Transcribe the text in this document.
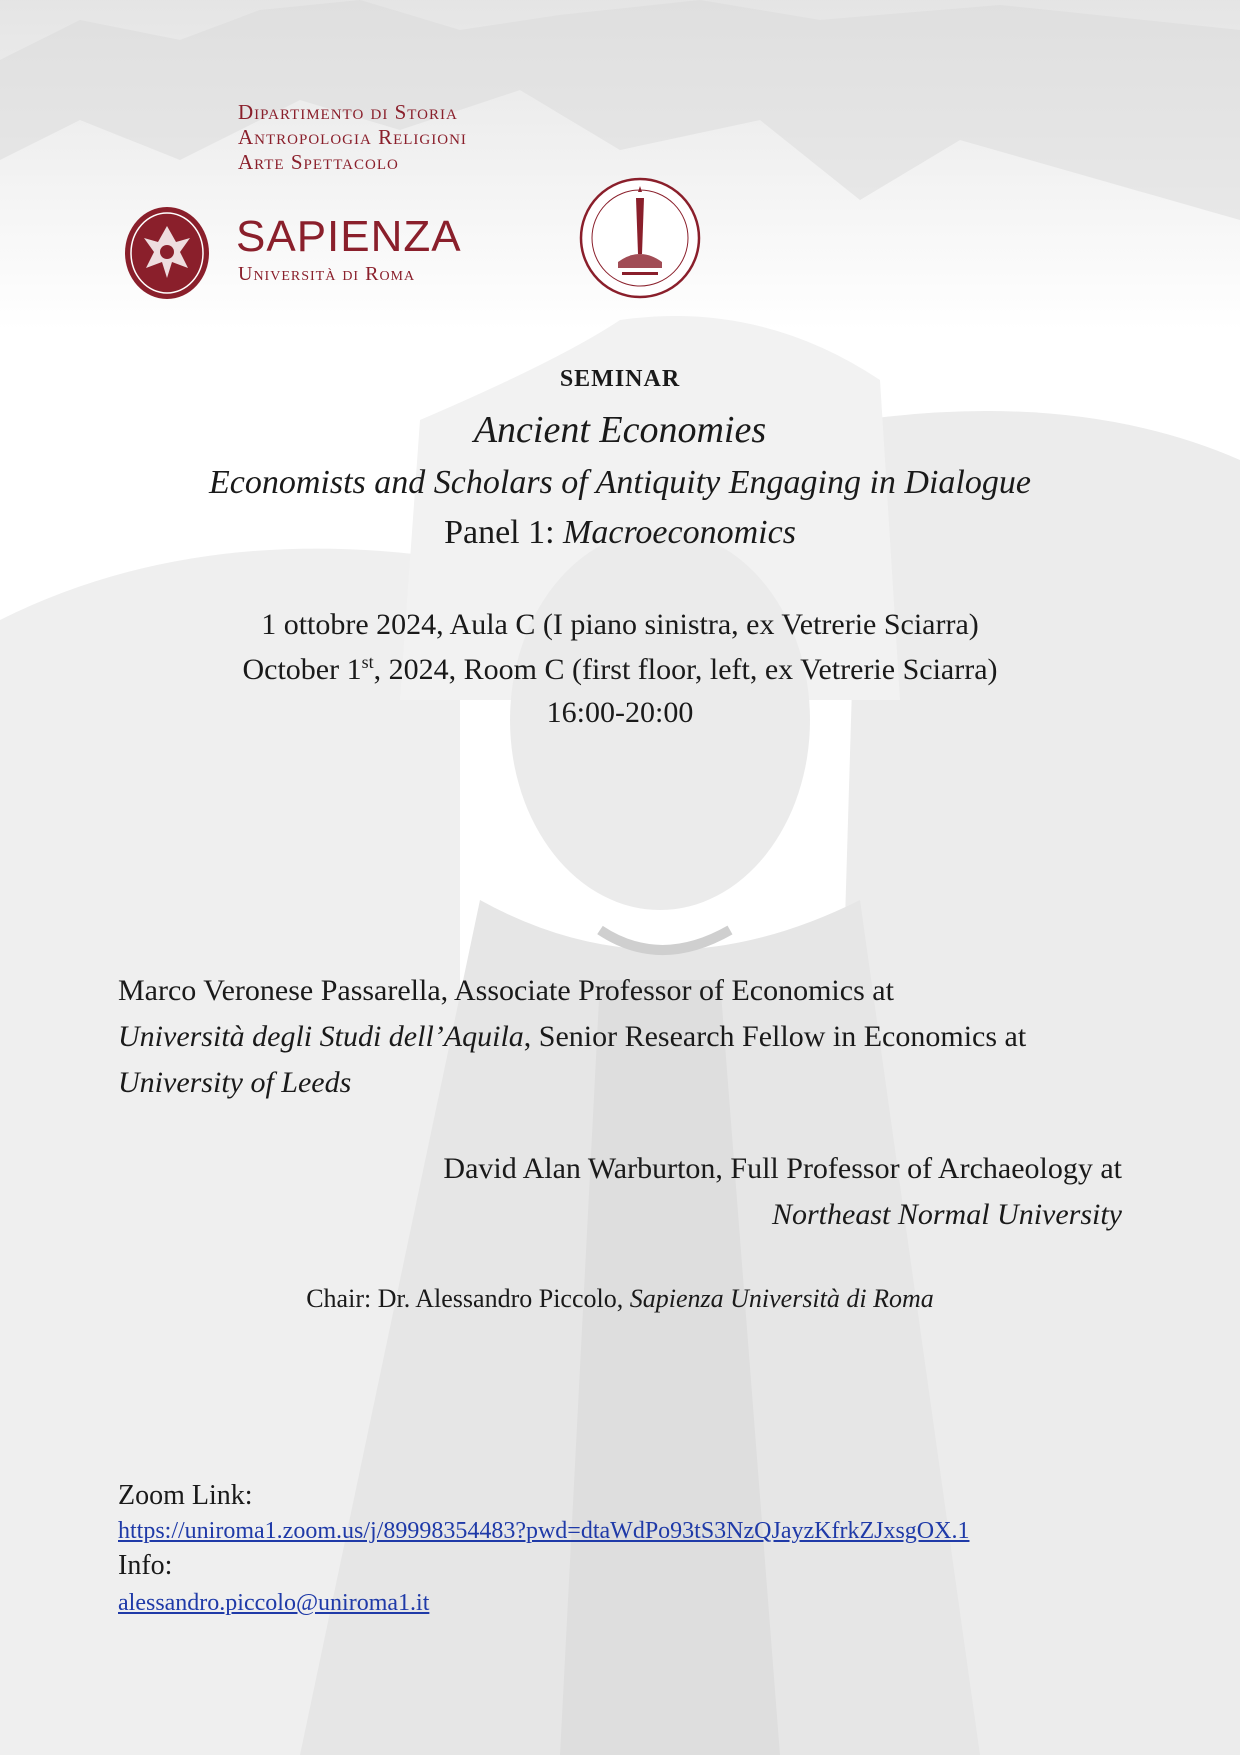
Dipartimento di Storia
Antropologia Religioni
Arte Spettacolo
SAPIENZA
Università di Roma
SEMINAR
Ancient Economies
Economists and Scholars of Antiquity Engaging in Dialogue
Panel 1: Macroeconomics
1 ottobre 2024, Aula C (I piano sinistra, ex Vetrerie Sciarra)
October 1st, 2024, Room C (first floor, left, ex Vetrerie Sciarra)
16:00-20:00
Marco Veronese Passarella, Associate Professor of Economics at
Università degli Studi dell’Aquila, Senior Research Fellow in Economics at University of Leeds
David Alan Warburton, Full Professor of Archaeology at
Northeast Normal University
Chair: Dr. Alessandro Piccolo, Sapienza Università di Roma
Zoom Link:
https://uniroma1.zoom.us/j/89998354483?pwd=dtaWdPo93tS3NzQJayzKfrkZJxsgOX.1
Info:
alessandro.piccolo@uniroma1.it
